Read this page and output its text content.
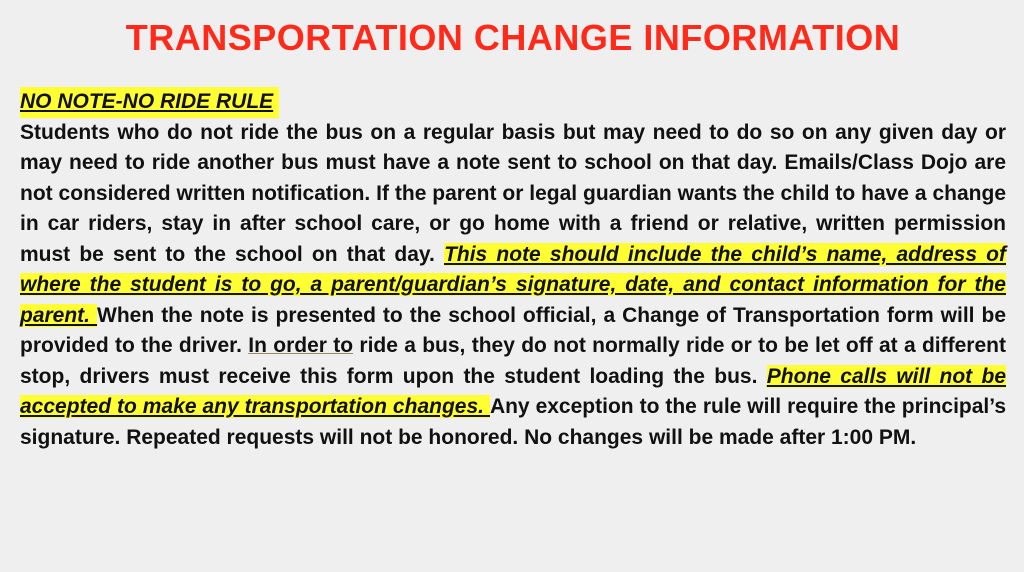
TRANSPORTATION CHANGE INFORMATION
NO NOTE-NO RIDE RULE

Students who do not ride the bus on a regular basis but may need to do so on any given day or may need to ride another bus must have a note sent to school on that day. Emails/Class Dojo are not considered written notification. If the parent or legal guardian wants the child to have a change in car riders, stay in after school care, or go home with a friend or relative, written permission must be sent to the school on that day. This note should include the child’s name, address of where the student is to go, a parent/guardian’s signature, date, and contact information for the parent. When the note is presented to the school official, a Change of Transportation form will be provided to the driver. In order to ride a bus, they do not normally ride or to be let off at a different stop, drivers must receive this form upon the student loading the bus. Phone calls will not be accepted to make any transportation changes. Any exception to the rule will require the principal’s signature. Repeated requests will not be honored. No changes will be made after 1:00 PM.
